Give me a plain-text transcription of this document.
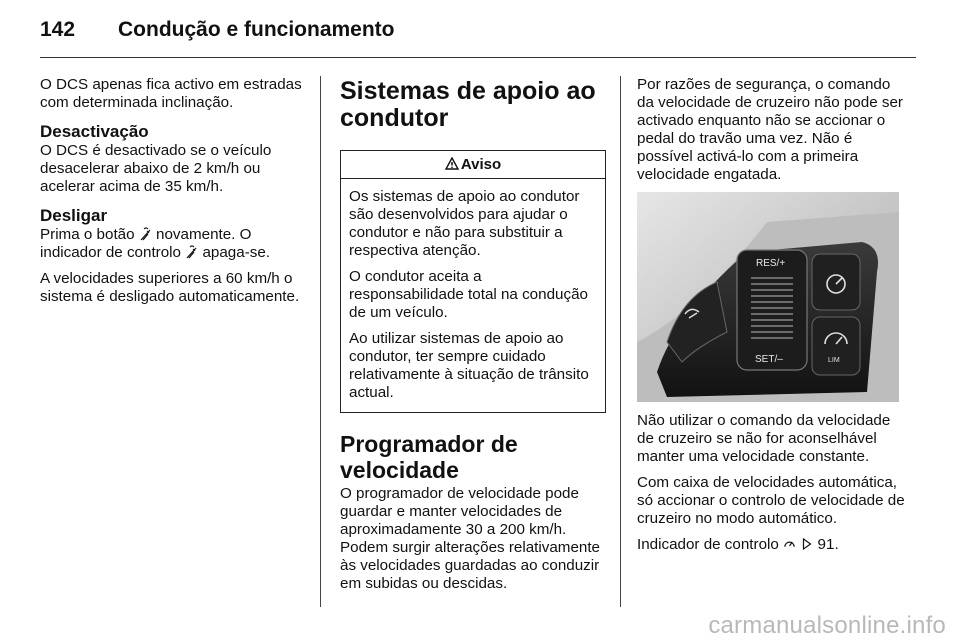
142 Condução e funcionamento

O DCS apenas fica activo em estradas com determinada inclinação.

Desactivação

O DCS é desactivado se o veículo desacelerar abaixo de 2 km/h ou acelerar acima de 35 km/h.

Desligar

Prima o botão novamente. O indicador de controlo apaga-se.

A velocidades superiores a 60 km/h o sistema é desligado automaticamente.

Sistemas de apoio ao condutor
Aviso

Os sistemas de apoio ao condutor são desenvolvidos para ajudar o condutor e não para substituir a respectiva atenção.

O condutor aceita a responsabilidade total na condução de um veículo.

Ao utilizar sistemas de apoio ao condutor, ter sempre cuidado relativamente à situação de trânsito actual.

Programador de velocidade

O programador de velocidade pode guardar e manter velocidades de aproximadamente 30 a 200 km/h. Podem surgir alterações relativamente às velocidades guardadas ao conduzir em subidas ou descidas.

Por razões de segurança, o comando da velocidade de cruzeiro não pode ser activado enquanto não se accionar o pedal do travão uma vez. Não é possível activá-lo com a primeira velocidade engatada.

RES/+
SET/–	LIM

Não utilizar o comando da velocidade de cruzeiro se não for aconselhável manter uma velocidade constante.

Com caixa de velocidades automática, só accionar o controlo de velocidade de cruzeiro no modo automático.

Indicador de controlo	91.

carmanualsonline.info
